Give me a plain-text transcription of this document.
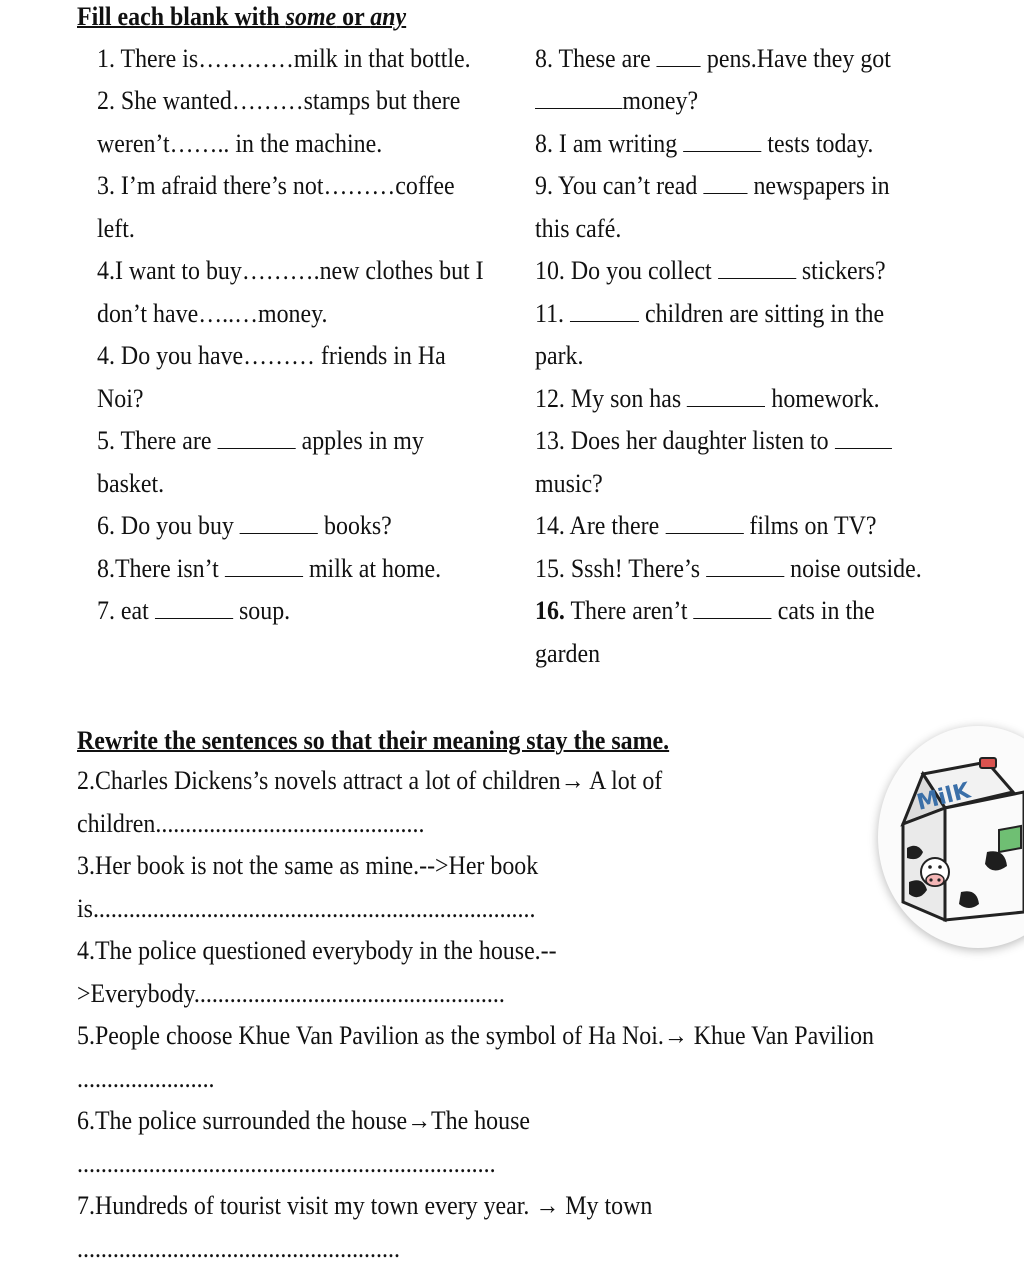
Fill each blank with some or any
1. There is…………milk in that bottle.
2. She wanted………stamps but there
weren’t…….. in the machine.
3. I’m afraid there’s not………coffee
left.
4.I want to buy……….new clothes but I
don’t have…..…money.
4. Do you have……… friends in Ha
Noi?
5. There are	apples in my
basket.
6. Do you buy	books?
8.There isn’t	milk at home.
7. eat	soup.
8. These are pens.Have they got
money?
8. I am writing	tests today.
9. You can’t read newspapers in
this café.
10. Do you collect	stickers?
11.	children are sitting in the
park.
12. My son has	homework.
13. Does her daughter listen to
music?
14. Are there	films on TV?
15. Sssh! There’s	noise outside.
16. There aren’t	cats in the
garden
Rewrite the sentences so that their meaning stay the same.
2.Charles Dickens’s novels attract a lot of children→ A lot of
children.............................................
3.Her book is not the same as mine.-->Her book
is..........................................................................
4.The police questioned everybody in the house.--
>Everybody....................................................
5.People choose Khue Van Pavilion as the symbol of Ha Noi.→ Khue Van Pavilion
.......................
6.The police surrounded the house→The house
......................................................................
7.Hundreds of tourist visit my town every year. → My town
......................................................
MilK
